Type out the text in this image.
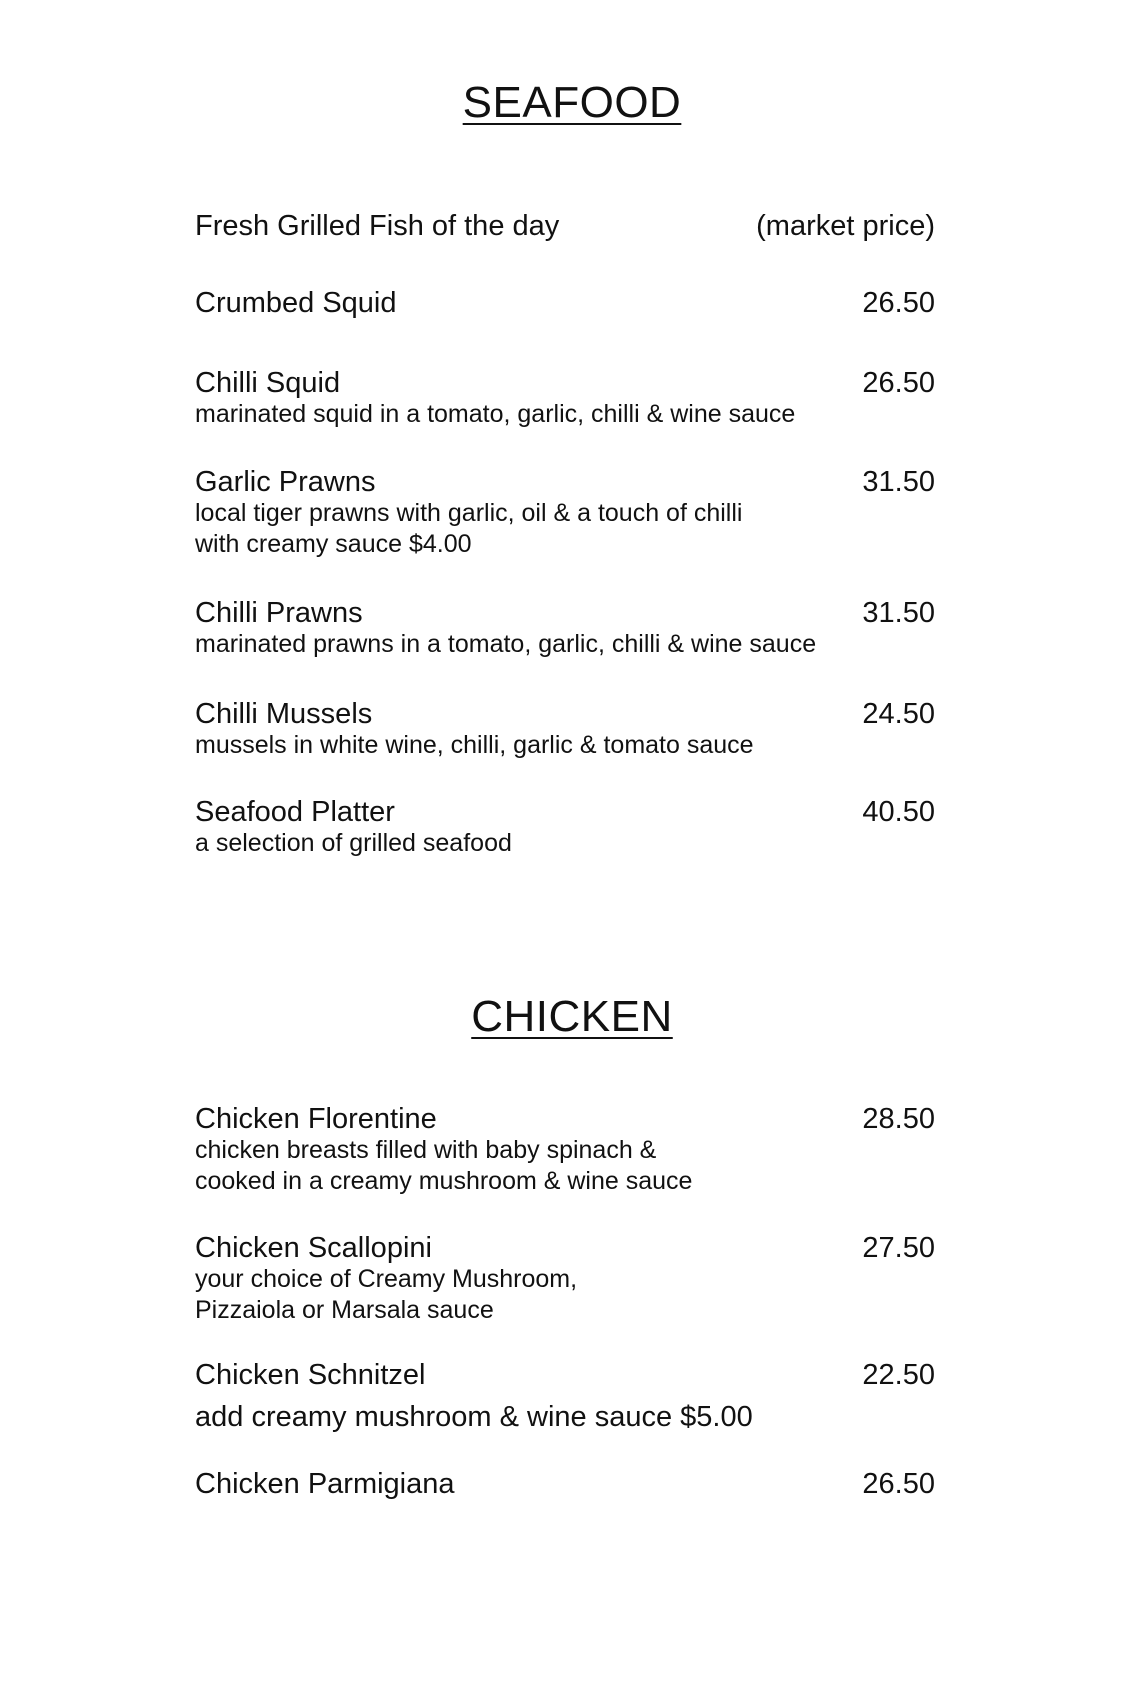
SEAFOOD
Fresh Grilled Fish of the day	(market price)
Crumbed Squid	26.50
Chilli Squid	26.50
marinated squid in a tomato, garlic, chilli & wine sauce
Garlic Prawns	31.50
local tiger prawns with garlic, oil & a touch of chilli
with creamy sauce $4.00
Chilli Prawns	31.50
marinated prawns in a tomato, garlic, chilli & wine sauce
Chilli Mussels	24.50
mussels in white wine, chilli, garlic & tomato sauce
Seafood Platter	40.50
a selection of grilled seafood
CHICKEN
Chicken Florentine	28.50
chicken breasts filled with baby spinach &
cooked in a creamy mushroom & wine sauce
Chicken Scallopini	27.50
your choice of Creamy Mushroom,
Pizzaiola or Marsala sauce
Chicken Schnitzel	22.50
add creamy mushroom & wine sauce $5.00
Chicken Parmigiana	26.50
